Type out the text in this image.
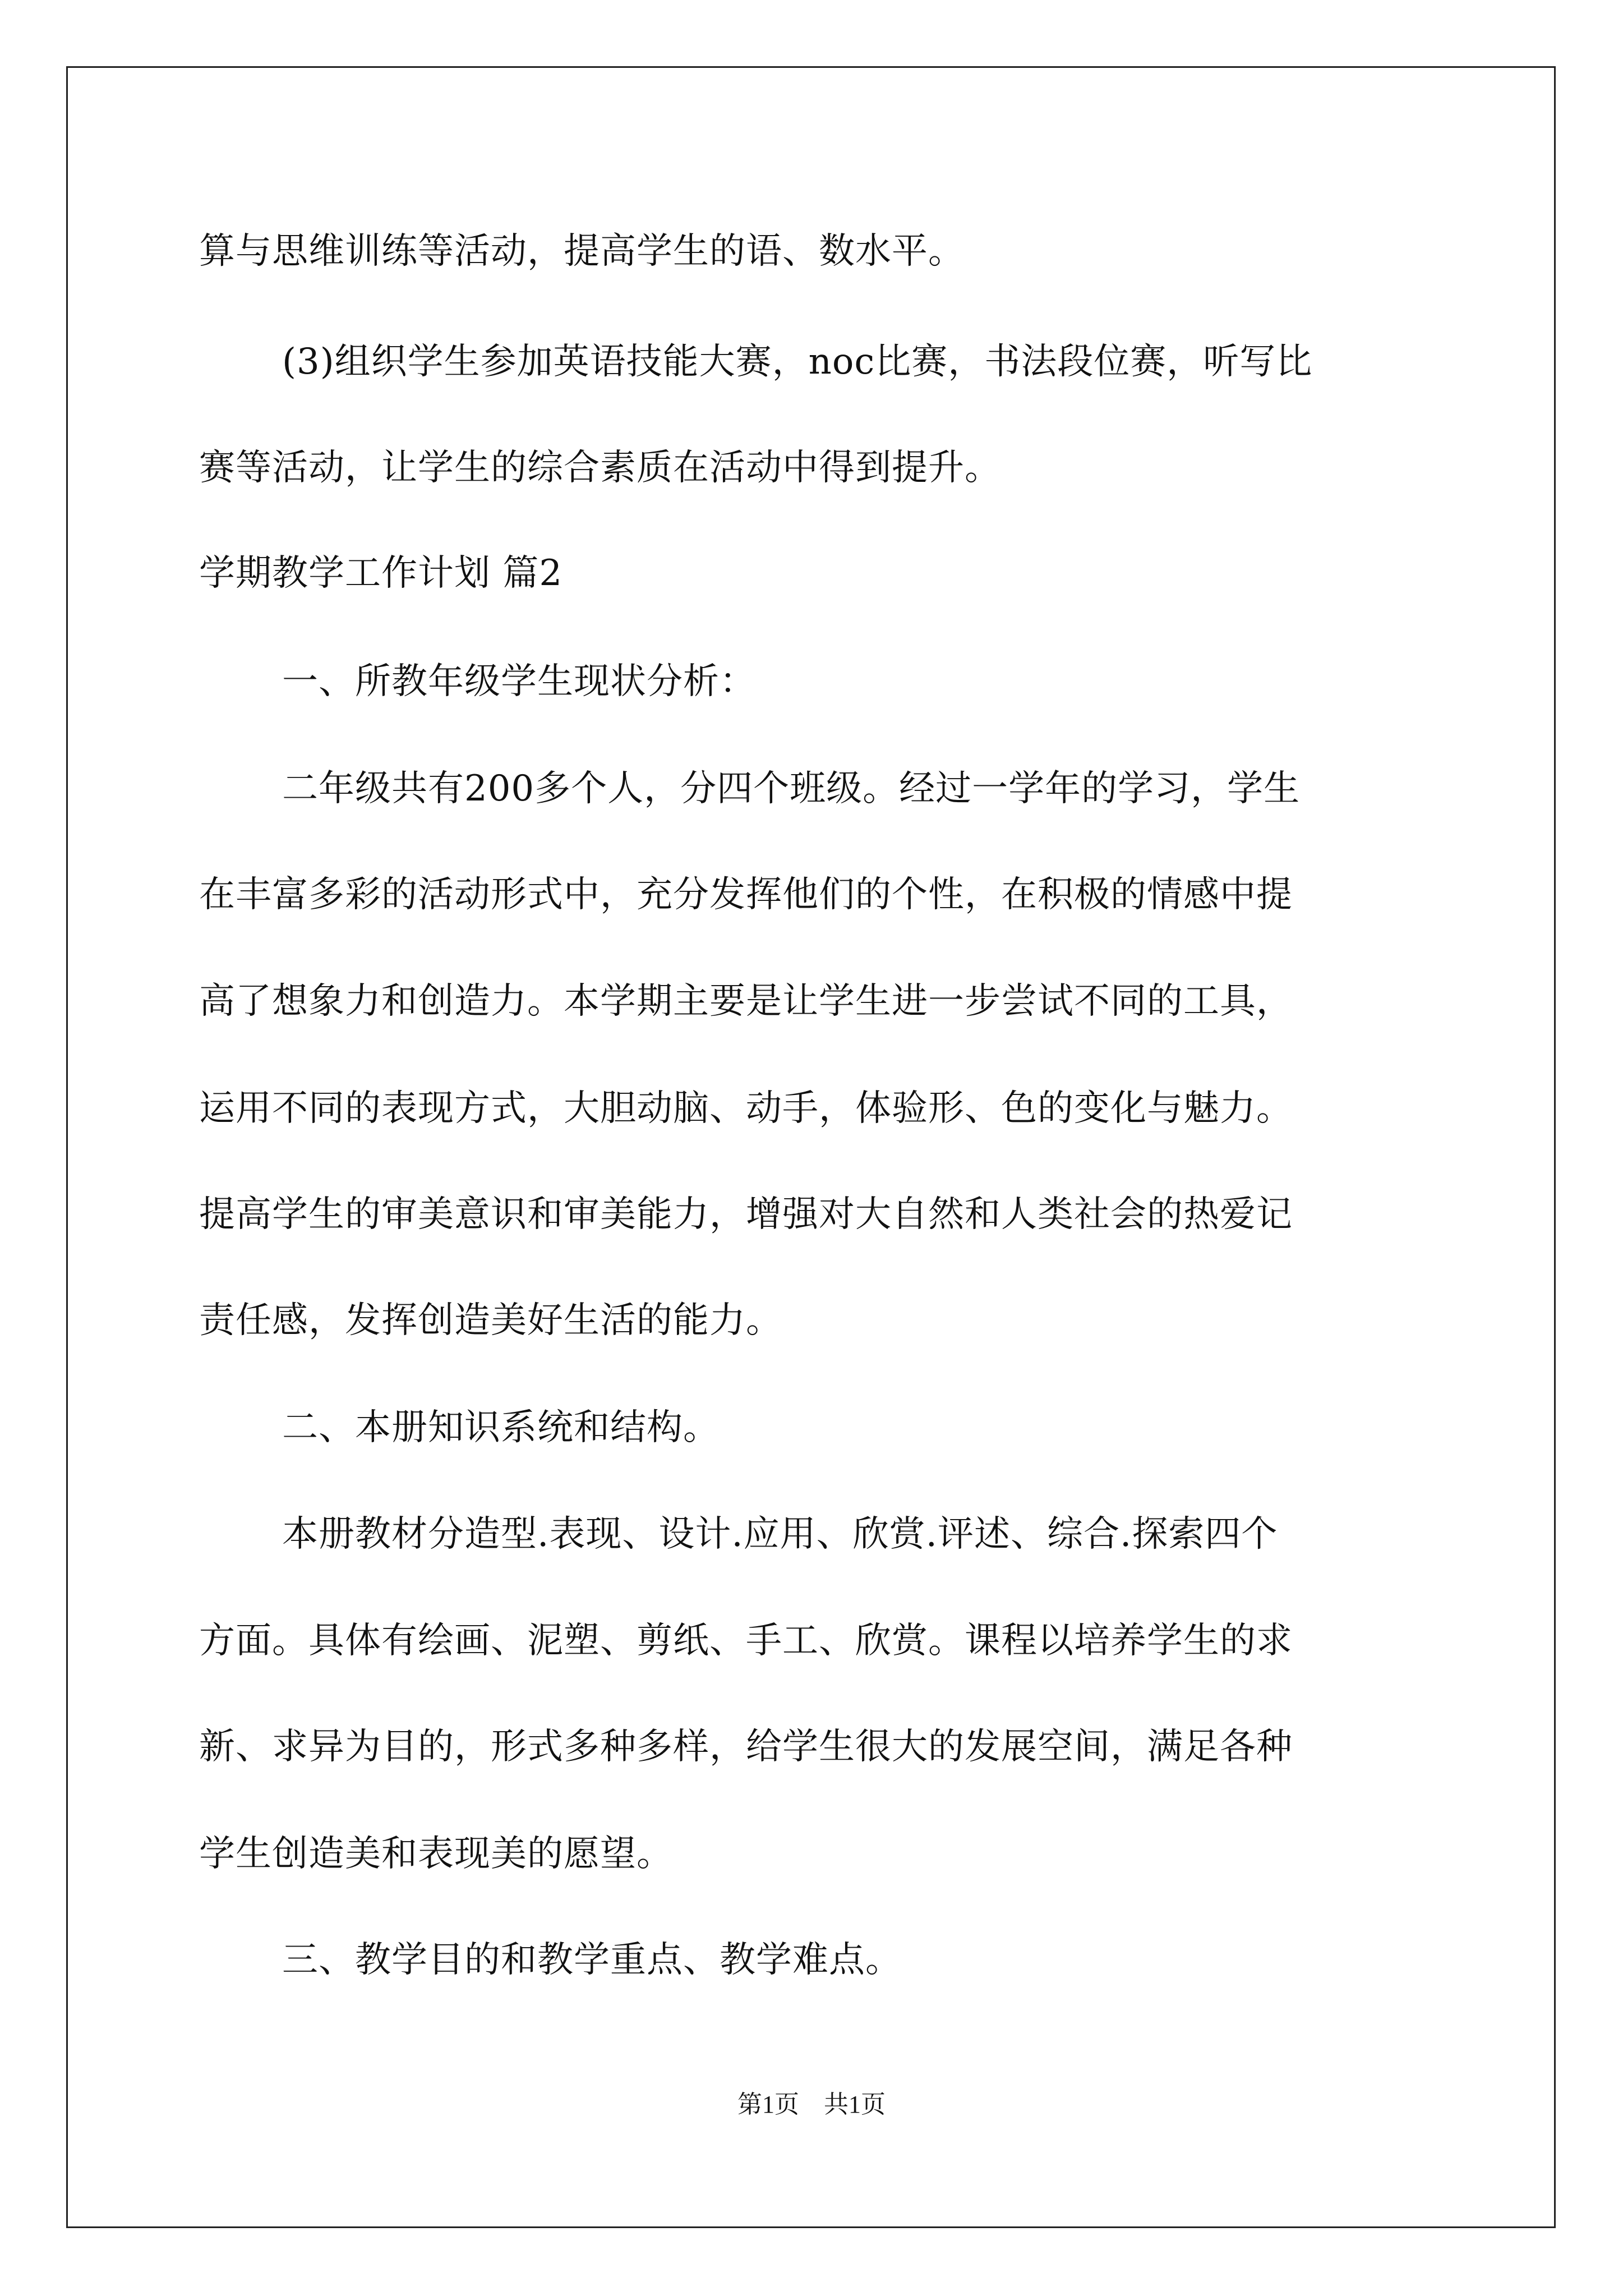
算与思维训练等活动，提高学生的语、数水平。
(3)组织学生参加英语技能大赛，noc比赛，书法段位赛，听写比
赛等活动，让学生的综合素质在活动中得到提升。
学期教学工作计划 篇2
一、所教年级学生现状分析：
二年级共有200多个人，分四个班级。经过一学年的学习，学生
在丰富多彩的活动形式中，充分发挥他们的个性，在积极的情感中提
高了想象力和创造力。本学期主要是让学生进一步尝试不同的工具，
运用不同的表现方式，大胆动脑、动手，体验形、色的变化与魅力。
提高学生的审美意识和审美能力，增强对大自然和人类社会的热爱记
责任感，发挥创造美好生活的能力。
二、本册知识系统和结构。
本册教材分造型.表现、设计.应用、欣赏.评述、综合.探索四个
方面。具体有绘画、泥塑、剪纸、手工、欣赏。课程以培养学生的求
新、求异为目的，形式多种多样，给学生很大的发展空间，满足各种
学生创造美和表现美的愿望。
三、教学目的和教学重点、教学难点。
第1页　共1页
